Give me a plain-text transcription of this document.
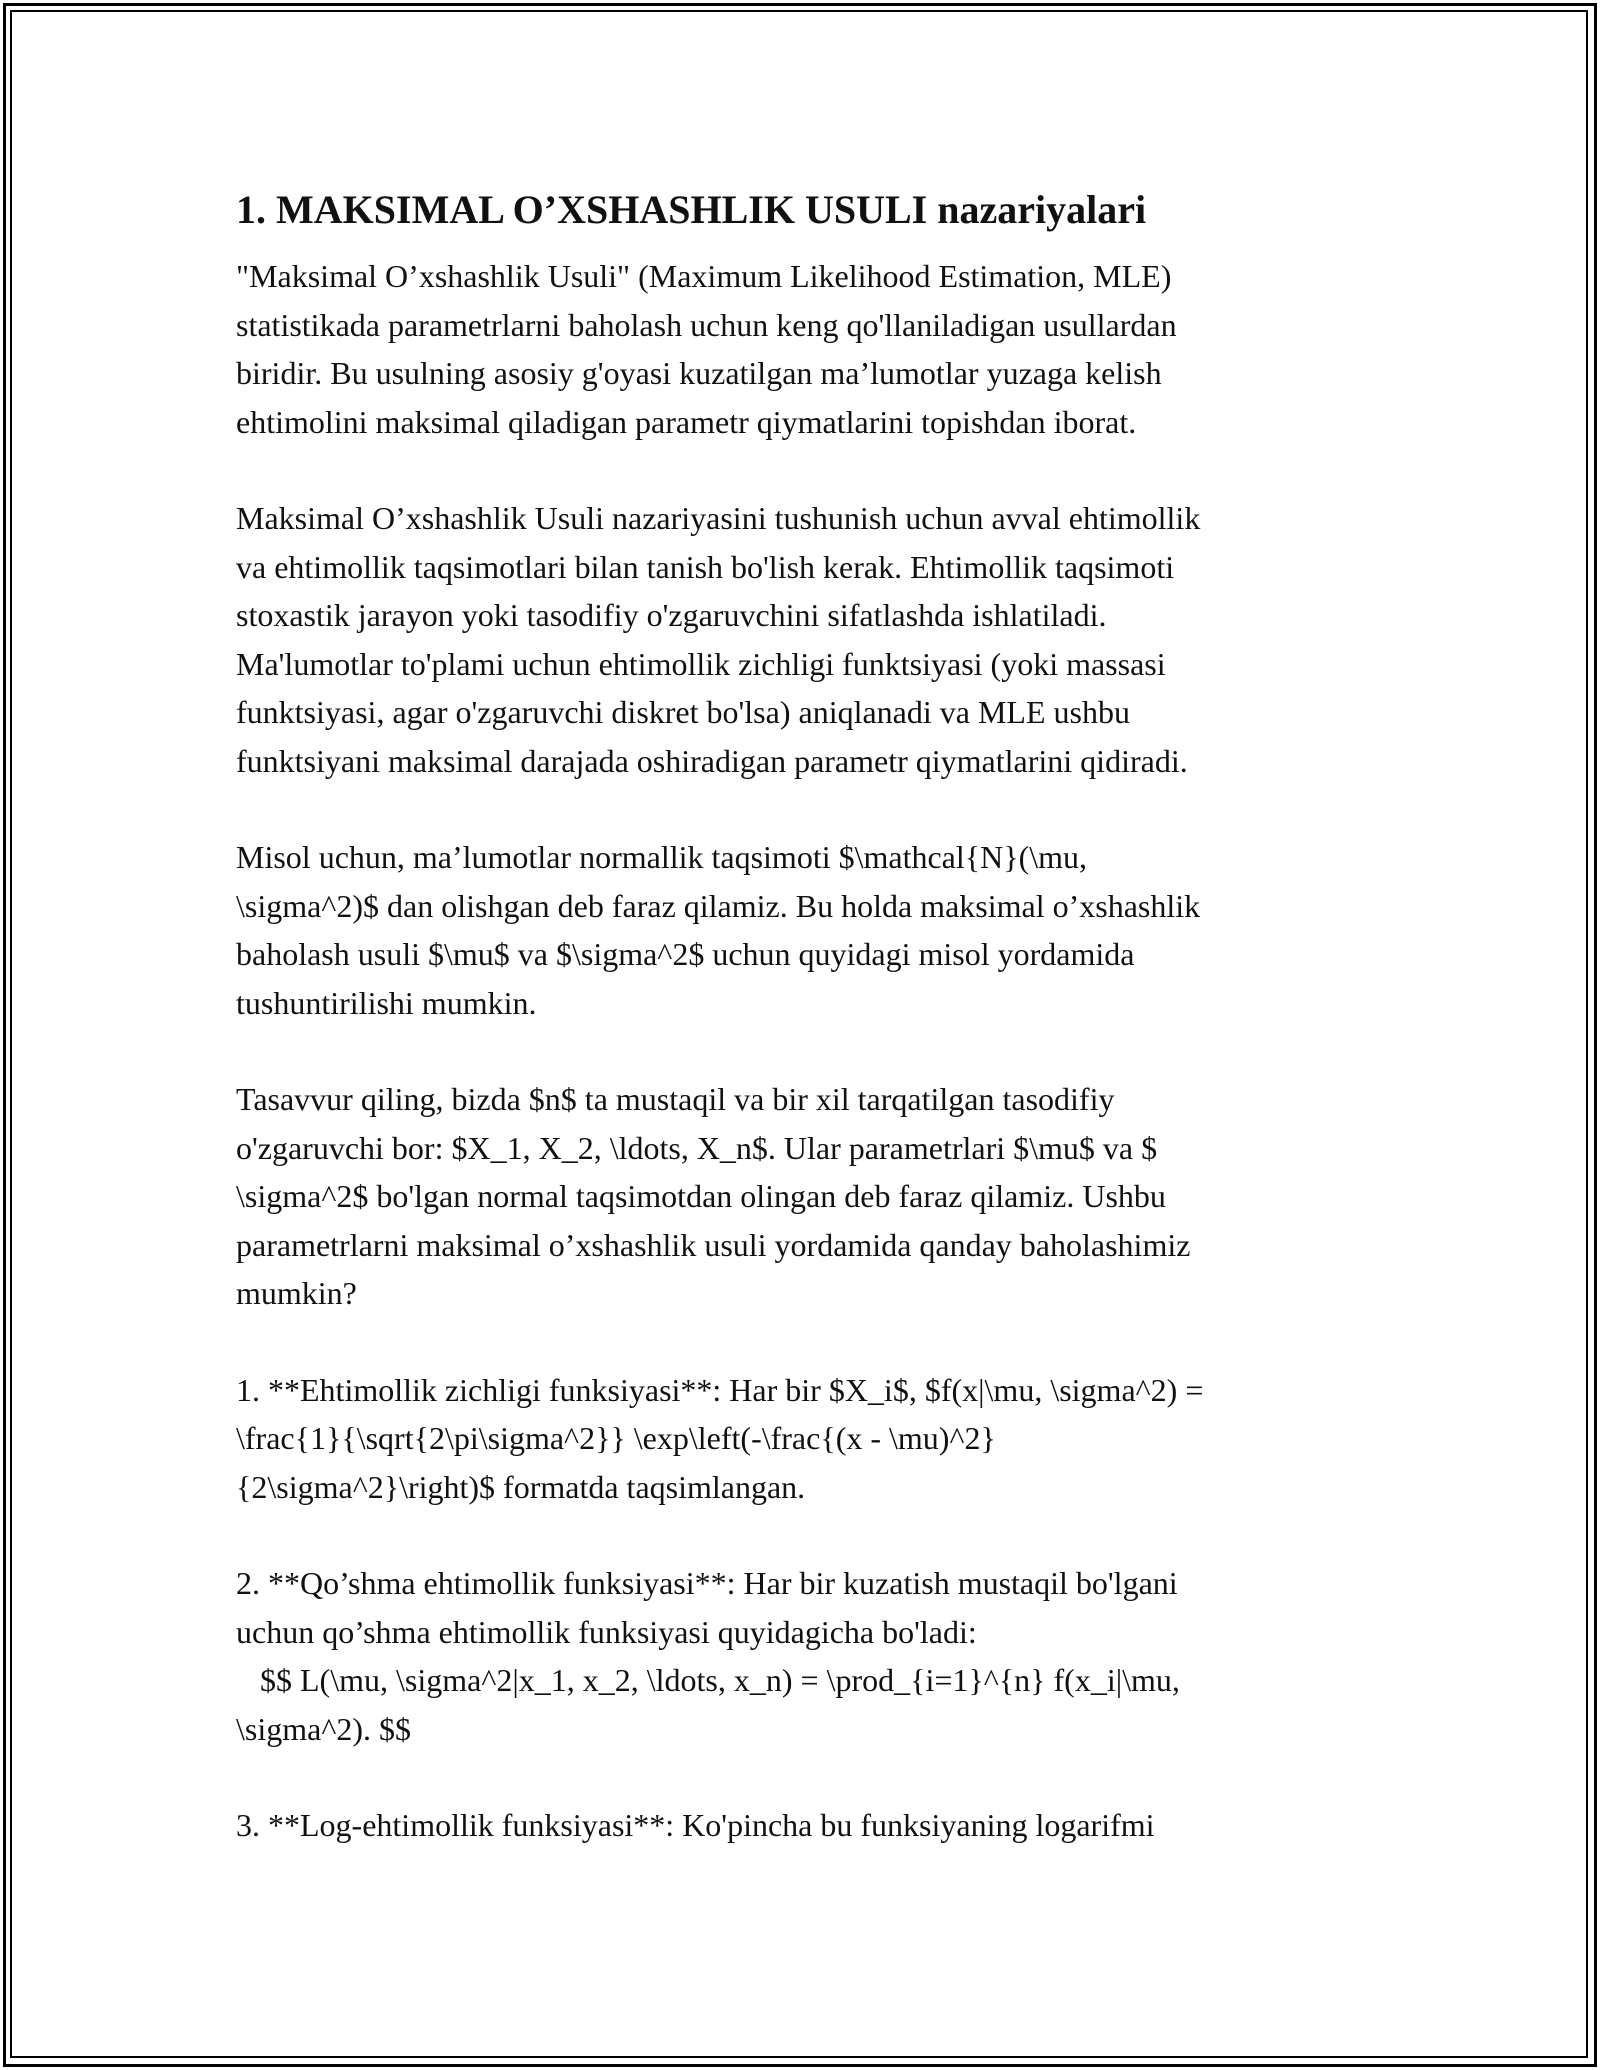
1. MAKSIMAL O’XSHASHLIK USULI nazariyalari
"Maksimal O’xshashlik Usuli" (Maximum Likelihood Estimation, MLE)
statistikada parametrlarni baholash uchun keng qo'llaniladigan usullardan
biridir. Bu usulning asosiy g'oyasi kuzatilgan ma’lumotlar yuzaga kelish
ehtimolini maksimal qiladigan parametr qiymatlarini topishdan iborat.
Maksimal O’xshashlik Usuli nazariyasini tushunish uchun avval ehtimollik
va ehtimollik taqsimotlari bilan tanish bo'lish kerak. Ehtimollik taqsimoti
stoxastik jarayon yoki tasodifiy o'zgaruvchini sifatlashda ishlatiladi.
Ma'lumotlar to'plami uchun ehtimollik zichligi funktsiyasi (yoki massasi
funktsiyasi, agar o'zgaruvchi diskret bo'lsa) aniqlanadi va MLE ushbu
funktsiyani maksimal darajada oshiradigan parametr qiymatlarini qidiradi.
Misol uchun, ma’lumotlar normallik taqsimoti $\mathcal{N}(\mu,
\sigma^2)$ dan olishgan deb faraz qilamiz. Bu holda maksimal o’xshashlik
baholash usuli $\mu$ va $\sigma^2$ uchun quyidagi misol yordamida
tushuntirilishi mumkin.
Tasavvur qiling, bizda $n$ ta mustaqil va bir xil tarqatilgan tasodifiy
o'zgaruvchi bor: $X_1, X_2, \ldots, X_n$. Ular parametrlari $\mu$ va $
\sigma^2$ bo'lgan normal taqsimotdan olingan deb faraz qilamiz. Ushbu
parametrlarni maksimal o’xshashlik usuli yordamida qanday baholashimiz
mumkin?
1. **Ehtimollik zichligi funksiyasi**: Har bir $X_i$, $f(x|\mu, \sigma^2) =
\frac{1}{\sqrt{2\pi\sigma^2}} \exp\left(-\frac{(x - \mu)^2}
{2\sigma^2}\right)$ formatda taqsimlangan.
2. **Qo’shma ehtimollik funksiyasi**: Har bir kuzatish mustaqil bo'lgani
uchun qo’shma ehtimollik funksiyasi quyidagicha bo'ladi:
$$ L(\mu, \sigma^2|x_1, x_2, \ldots, x_n) = \prod_{i=1}^{n} f(x_i|\mu,
\sigma^2). $$
3. **Log-ehtimollik funksiyasi**: Ko'pincha bu funksiyaning logarifmi
